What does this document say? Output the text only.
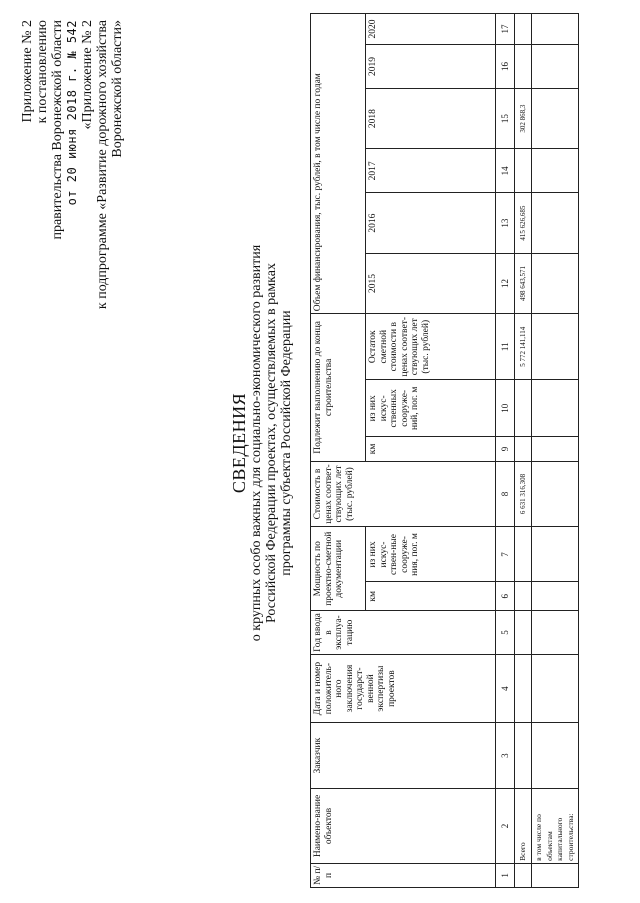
Приложение № 2 к постановлению правительства Воронежской области от 20 июня 2018 г. № 542 «Приложение № 2 к подпрограмме «Развитие дорожного хозяйства Воронежской области»
СВЕДЕНИЯ о крупных особо важных для социально-экономического развития Российской Федерации проектах, осуществляемых в рамках программы субъекта Российской Федерации
№ п/п	Наимено-вание объектов	Заказчик	Дата и номер положитель-ного заключения государст-венной экспертизы проектов	Год ввода в эксплуа-тацию	Мощность по проектно-сметной документации		Стоимость в ценах соответ-ствующих лет (тыс. рублей)	Подлежит выполнению до конца строительства			Объем финансирования, тыс. рублей, в том числе по годам					
					км	из них искус-ствен-ные сооруже-ния, пог. м		км	из них искус-ственных сооруже-ний, пог. м	Остаток сметной стоимости в ценах соответ-ствующих лет (тыс. рублей)	2015	2016	2017	2018	2019	2020
1	2	3	4	5	6	7	8	9	10	11	12	13	14	15	16	17
	Всего						6 631 316,308			5 772 141,114	498 643,571	415 626,685		302 868,3		
	в том числе по объектам капитального строительства:															
